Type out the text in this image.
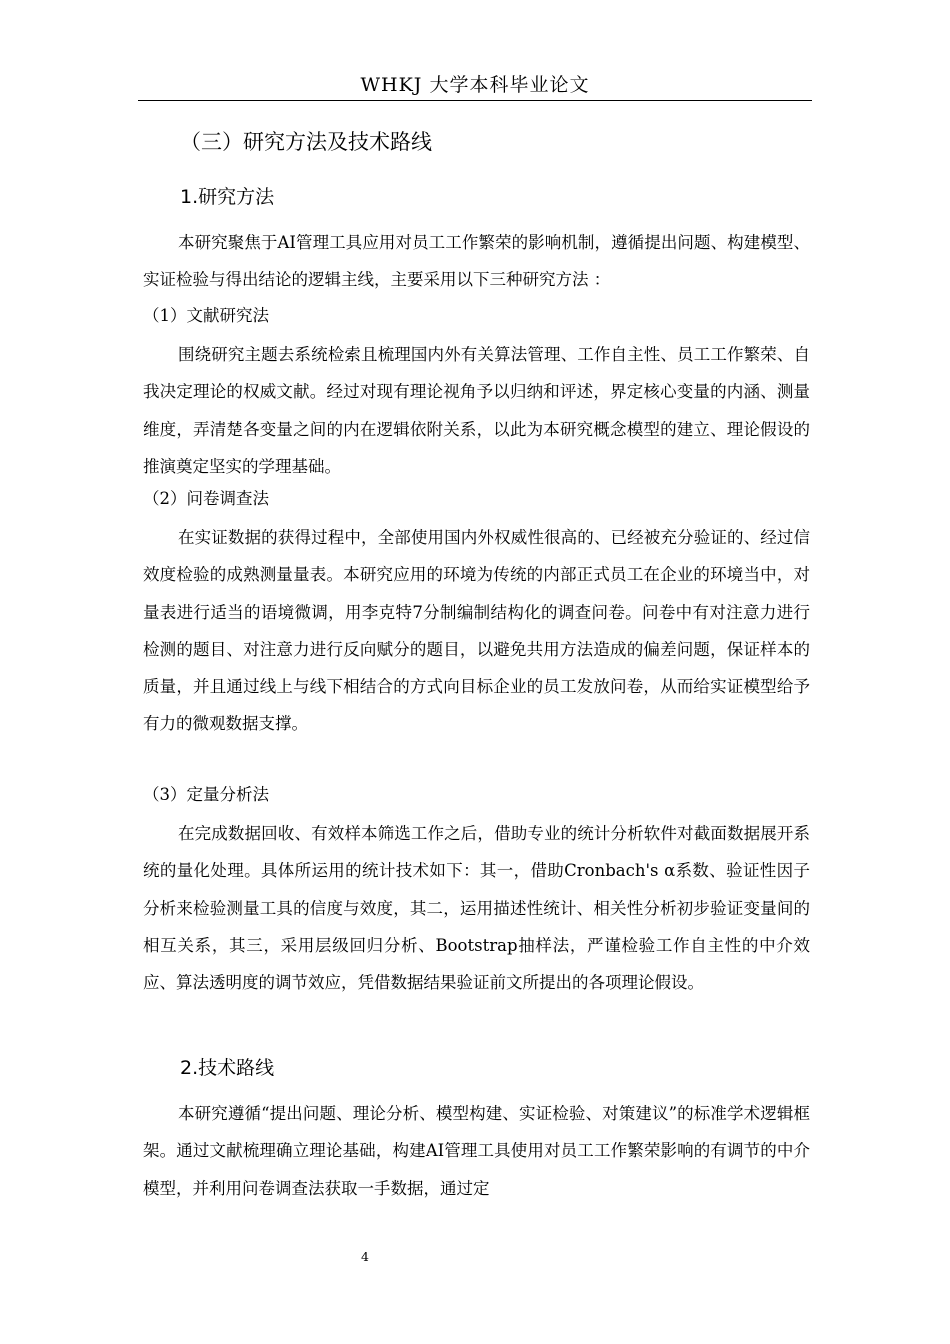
WHKJ 大学本科毕业论文
（三）研究方法及技术路线
1.研究方法
本研究聚焦于AI管理工具应用对员工工作繁荣的影响机制，遵循提出问题、构建模型、实证检验与得出结论的逻辑主线，主要采用以下三种研究方法 ：
（1）文献研究法
围绕研究主题去系统检索且梳理国内外有关算法管理、工作自主性、员工工作繁荣、自我决定理论的权威文献。经过对现有理论视角予以归纳和评述，界定核心变量的内涵、测量维度，弄清楚各变量之间的内在逻辑依附关系，以此为本研究概念模型的建立、理论假设的推演奠定坚实的学理基础。
（2）问卷调查法
在实证数据的获得过程中，全部使用国内外权威性很高的、已经被充分验证的、经过信效度检验的成熟测量量表。本研究应用的环境为传统的内部正式员工在企业的环境当中，对量表进行适当的语境微调，用李克特7分制编制结构化的调查问卷。问卷中有对注意力进行检测的题目、对注意力进行反向赋分的题目，以避免共用方法造成的偏差问题，保证样本的质量，并且通过线上与线下相结合的方式向目标企业的员工发放问卷，从而给实证模型给予有力的微观数据支撑。
（3）定量分析法
在完成数据回收、有效样本筛选工作之后，借助专业的统计分析软件对截面数据展开系统的量化处理。具体所运用的统计技术如下：其一，借助Cronbach's α系数、验证性因子分析来检验测量工具的信度与效度，其二，运用描述性统计、相关性分析初步验证变量间的相互关系，其三，采用层级回归分析、Bootstrap抽样法，严谨检验工作自主性的中介效应、算法透明度的调节效应，凭借数据结果验证前文所提出的各项理论假设。
2.技术路线
本研究遵循“提出问题、理论分析、模型构建、实证检验、对策建议”的标准学术逻辑框架。通过文献梳理确立理论基础，构建AI管理工具使用对员工工作繁荣影响的有调节的中介模型，并利用问卷调查法获取一手数据，通过定
4
